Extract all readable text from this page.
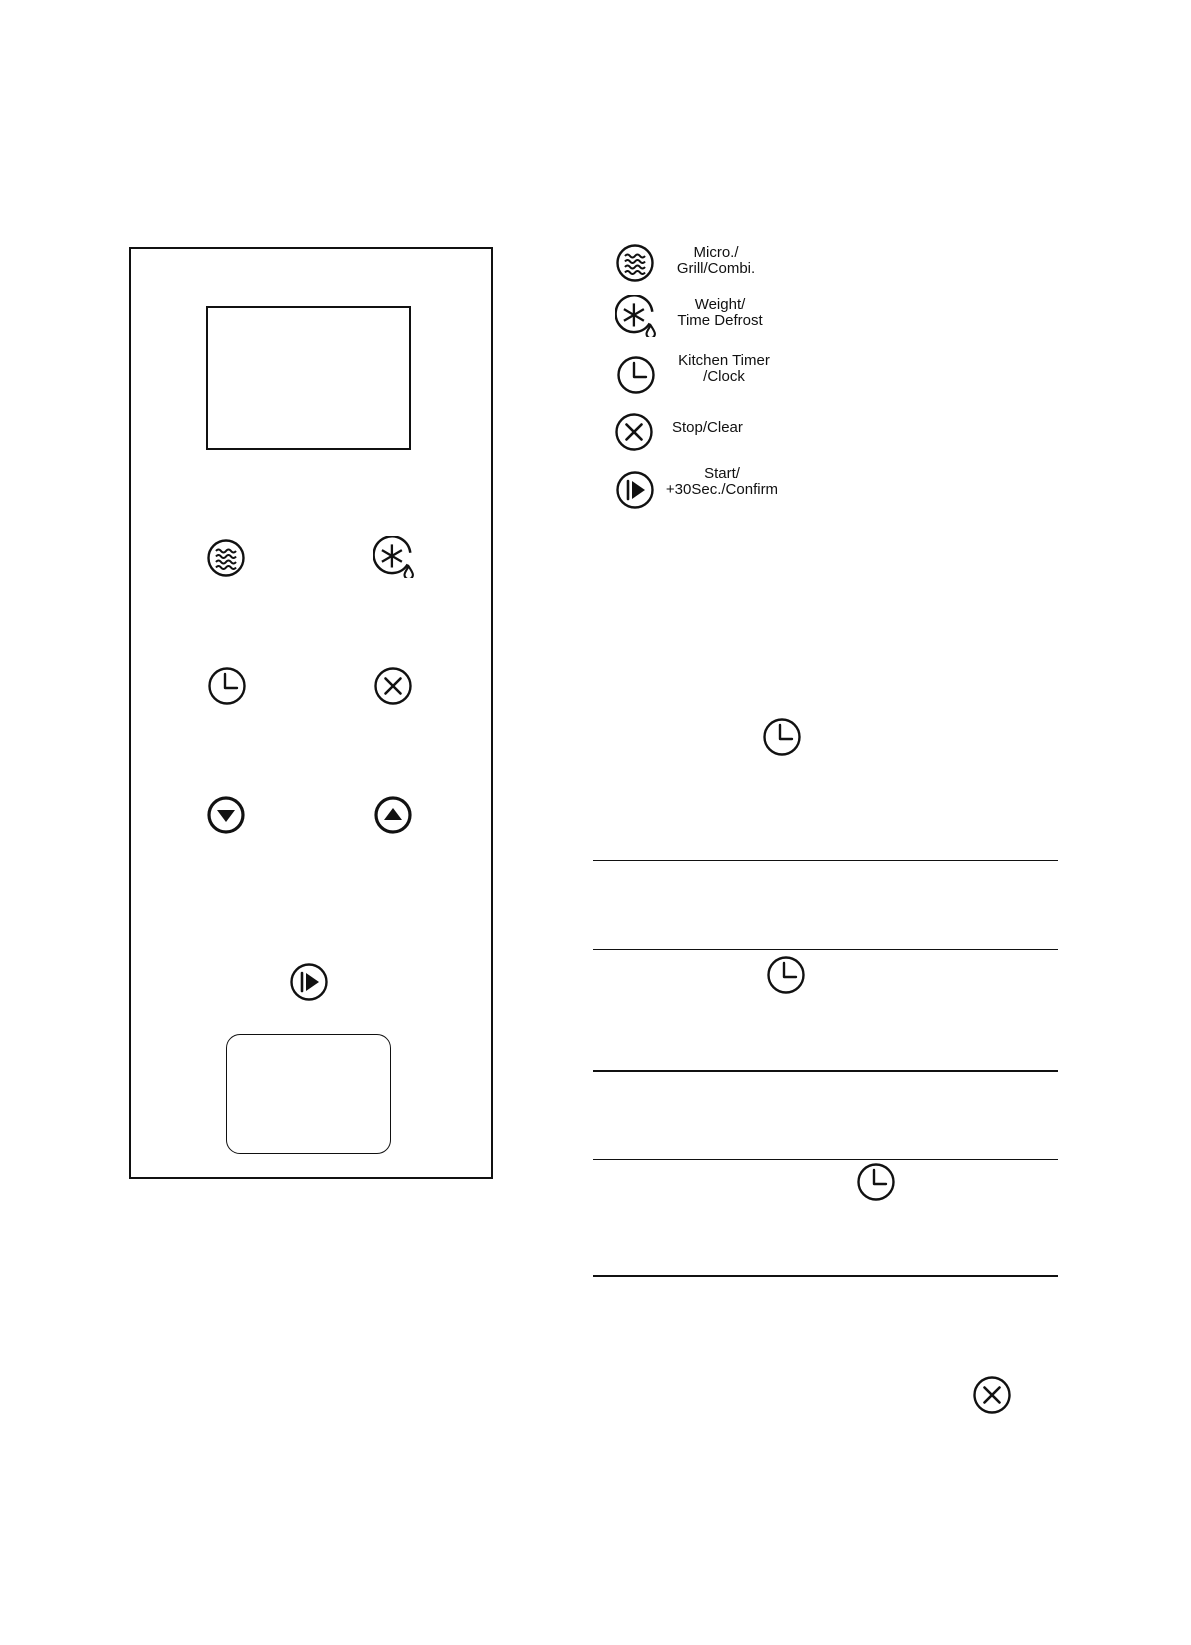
Micro./
Grill/Combi.
Weight/
Time Defrost
Kitchen Timer
/Clock
Stop/Clear
Start/
+30Sec./Confirm
